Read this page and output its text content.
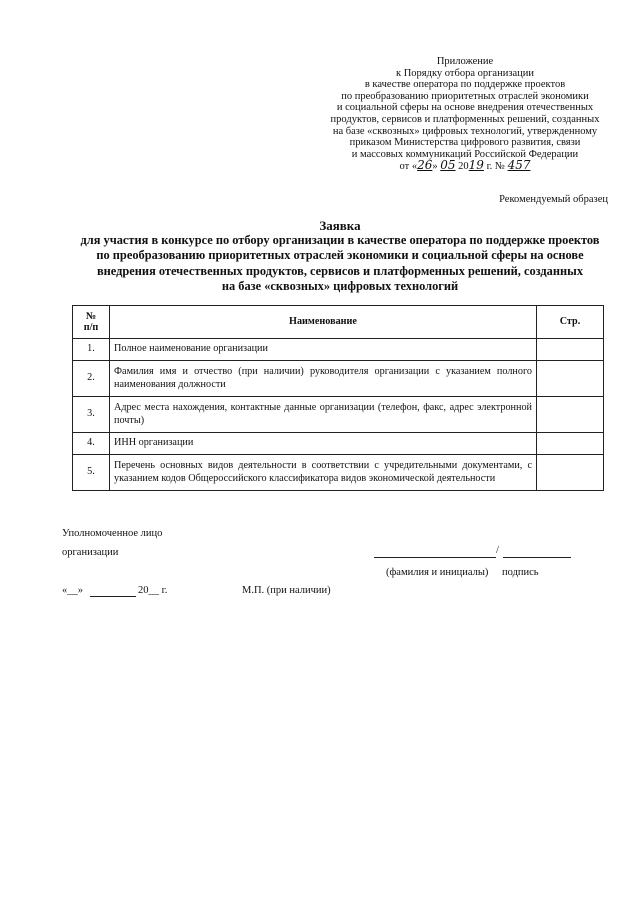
Приложение
к Порядку отбора организации
в качестве оператора по поддержке проектов
по преобразованию приоритетных отраслей экономики
и социальной сферы на основе внедрения отечественных
продуктов, сервисов и платформенных решений, созданных
на базе «сквозных» цифровых технологий, утвержденному
приказом Министерства цифрового развития, связи
и массовых коммуникаций Российской Федерации
от «26» 05 2019 г. № 457
Рекомендуемый образец
Заявка
для участия в конкурсе по отбору организации в качестве оператора по поддержке проектов
по преобразованию приоритетных отраслей экономики и социальной сферы на основе
внедрения отечественных продуктов, сервисов и платформенных решений, созданных
на базе «сквозных» цифровых технологий
№
п/п	Наименование	Стр.
1.	Полное наименование организации	
2.	Фамилия имя и отчество (при наличии) руководителя организации с указанием полного наименования должности	
3.	Адрес места нахождения, контактные данные организации (телефон, факс, адрес электронной почты)	
4.	ИНН организации	
5.	Перечень основных видов деятельности в соответствии с учредительными документами, с указанием кодов Общероссийского классификатора видов экономической деятельности	
Уполномоченное лицо
организации	/
(фамилия и инициалы) подпись
«__»	20__ г.	М.П. (при наличии)
